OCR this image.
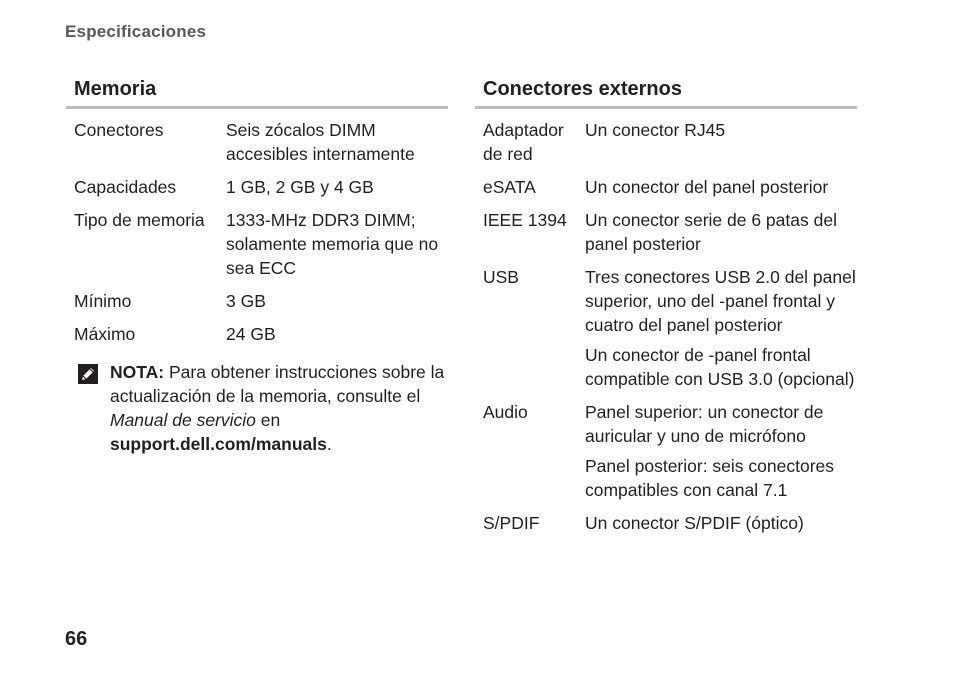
Especificaciones
Memoria
Conectores	Seis zócalos DIMM accesibles internamente

Capacidades	1 GB, 2 GB y 4 GB

Tipo de memoria	1333-MHz DDR3 DIMM; solamente memoria que no sea ECC

Mínimo	3 GB

Máximo	24 GB
NOTA: Para obtener instrucciones sobre la actualización de la memoria, consulte el Manual de servicio en support.dell.com/manuals.
Conectores externos
Adaptador de red	Un conector RJ45

eSATA	Un conector del panel posterior

IEEE 1394	Un conector serie de 6 patas del panel posterior

USB	Tres conectores USB 2.0 del panel superior, uno del -panel frontal y cuatro del panel posterior
Un conector de -panel frontal compatible con USB 3.0 (opcional)

Audio	Panel superior: un conector de auricular y uno de micrófono
Panel posterior: seis conectores compatibles con canal 7.1

S/PDIF	Un conector S/PDIF (óptico)
66
